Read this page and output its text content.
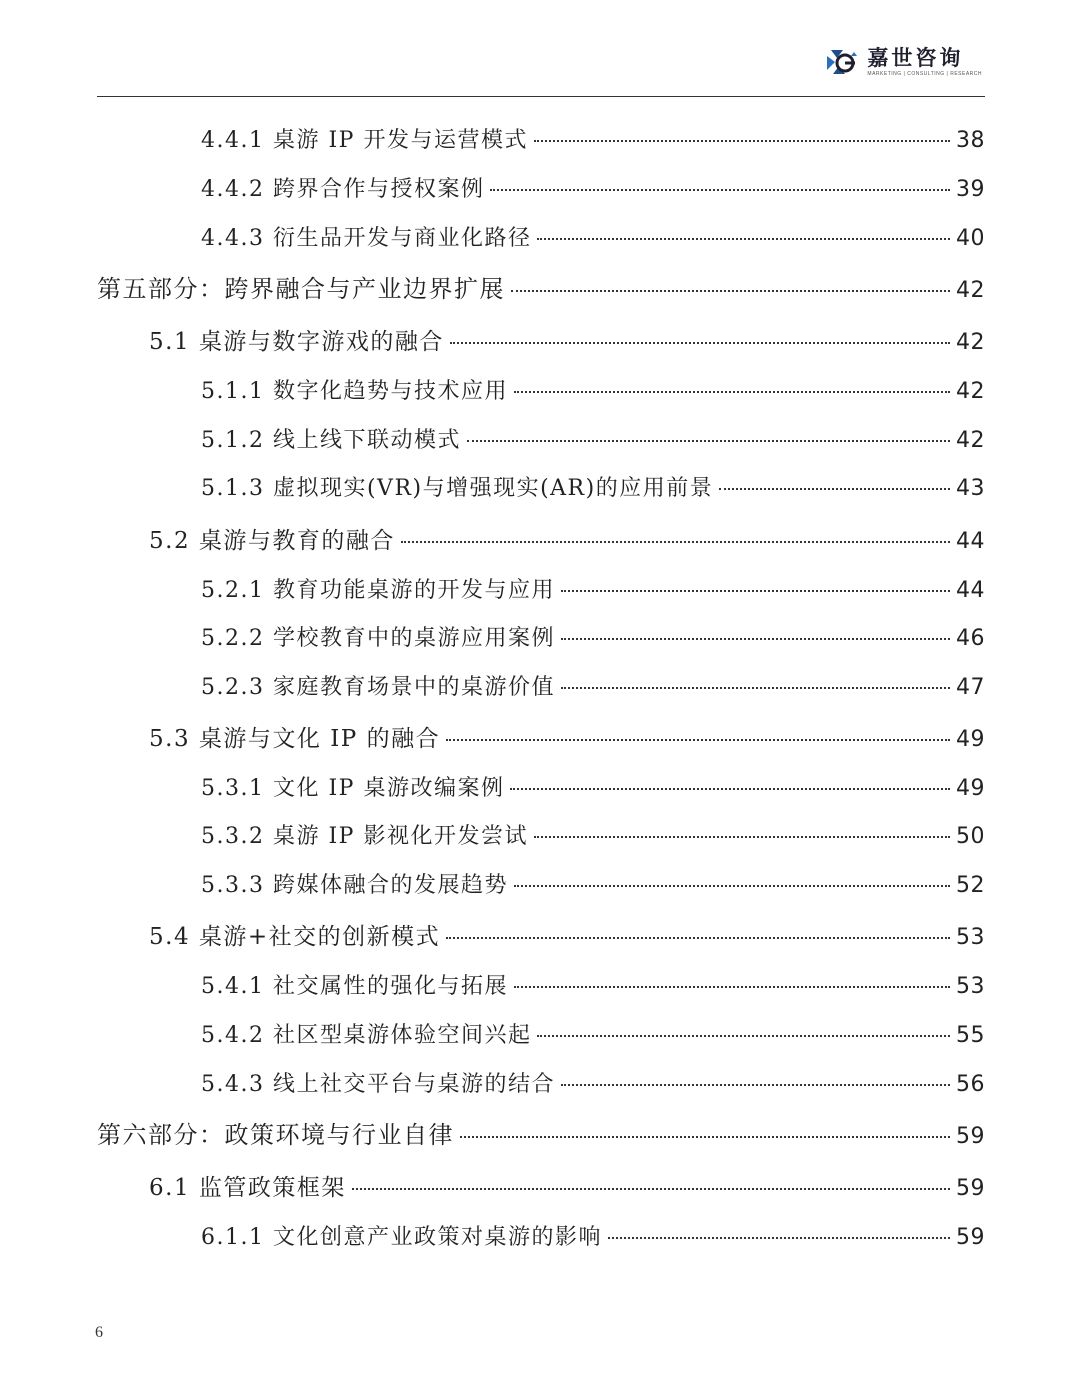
嘉世咨询
MARKETING | CONSULTING | RESEARCH
4.4.1 桌游 IP 开发与运营模式	38
4.4.2 跨界合作与授权案例	39
4.4.3 衍生品开发与商业化路径	40
第五部分：跨界融合与产业边界扩展	42
5.1 桌游与数字游戏的融合	42
5.1.1 数字化趋势与技术应用	42
5.1.2 线上线下联动模式	42
5.1.3 虚拟现实(VR)与增强现实(AR)的应用前景	43
5.2 桌游与教育的融合	44
5.2.1 教育功能桌游的开发与应用	44
5.2.2 学校教育中的桌游应用案例	46
5.2.3 家庭教育场景中的桌游价值	47
5.3 桌游与文化 IP 的融合	49
5.3.1 文化 IP 桌游改编案例	49
5.3.2 桌游 IP 影视化开发尝试	50
5.3.3 跨媒体融合的发展趋势	52
5.4 桌游+社交的创新模式	53
5.4.1 社交属性的强化与拓展	53
5.4.2 社区型桌游体验空间兴起	55
5.4.3 线上社交平台与桌游的结合	56
第六部分：政策环境与行业自律	59
6.1 监管政策框架	59
6.1.1 文化创意产业政策对桌游的影响	59
6
